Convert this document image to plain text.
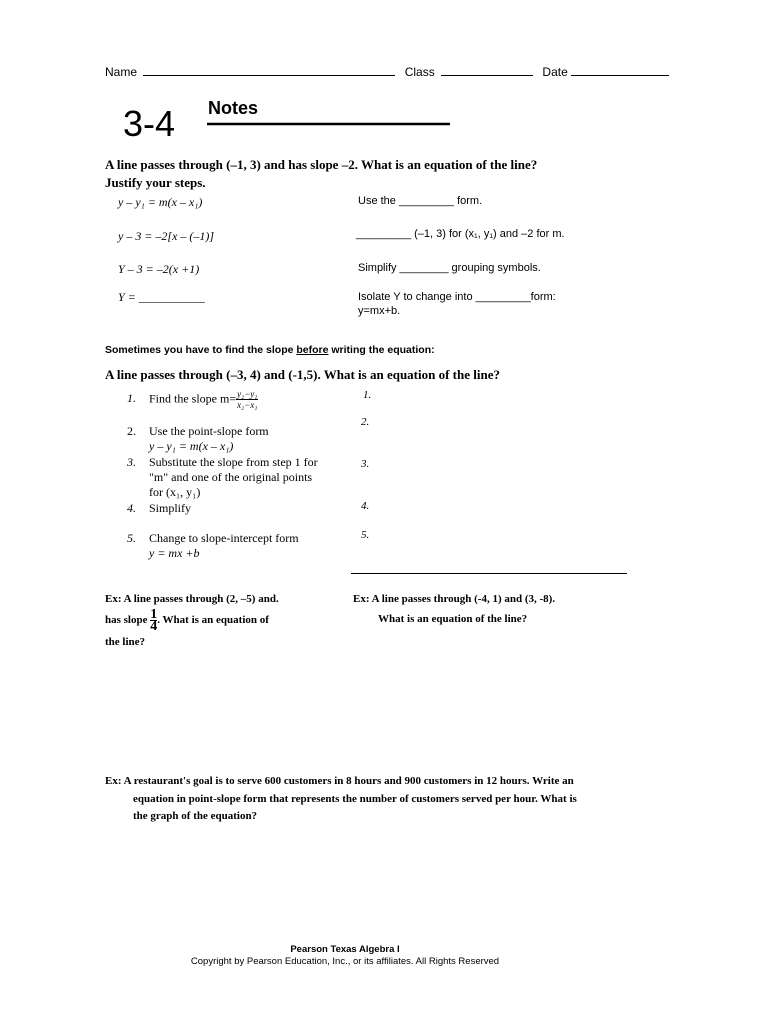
Name	Class	Date
3-4 Notes
A line passes through (–1, 3) and has slope –2. What is an equation of the line?
Justify your steps.
y – y₁ = m(x – x₁)
y – 3 = –2[x – (–1)]
Y – 3 = –2(x +1)
Y = ___________
Use the _________ form.
_________ (–1, 3) for (x₁, y₁) and –2 for m.
Simplify ________ grouping symbols.
Isolate Y to change into _________form:
y=mx+b.
Sometimes you have to find the slope before writing the equation:
A line passes through (–3, 4) and (-1,5). What is an equation of the line?
1. Find the slope $m= \frac{\text{y₂−y₁}}{\text{x₂−x₁}}$
2. Use the point-slope form
y – y₁ = m(x – x₁)
3. Substitute the slope from step 1 for
"m" and one of the original points
for (x₁, y₁)
4. Simplify
5. Change to slope-intercept form
y = mx +b
1.
2.
3.
4.
5.
Ex: A line passes through (2, –5) and.
has slope $\frac{1}{4}$ . What is an equation of
the line?
Ex: A line passes through (-4, 1) and (3, -8).
What is an equation of the line?
Ex: A restaurant's goal is to serve 600 customers in 8 hours and 900 customers in 12 hours. Write an
equation in point-slope form that represents the number of customers served per hour. What is
the graph of the equation?
Pearson Texas Algebra I
Copyright by Pearson Education, Inc., or its affiliates. All Rights Reserved
